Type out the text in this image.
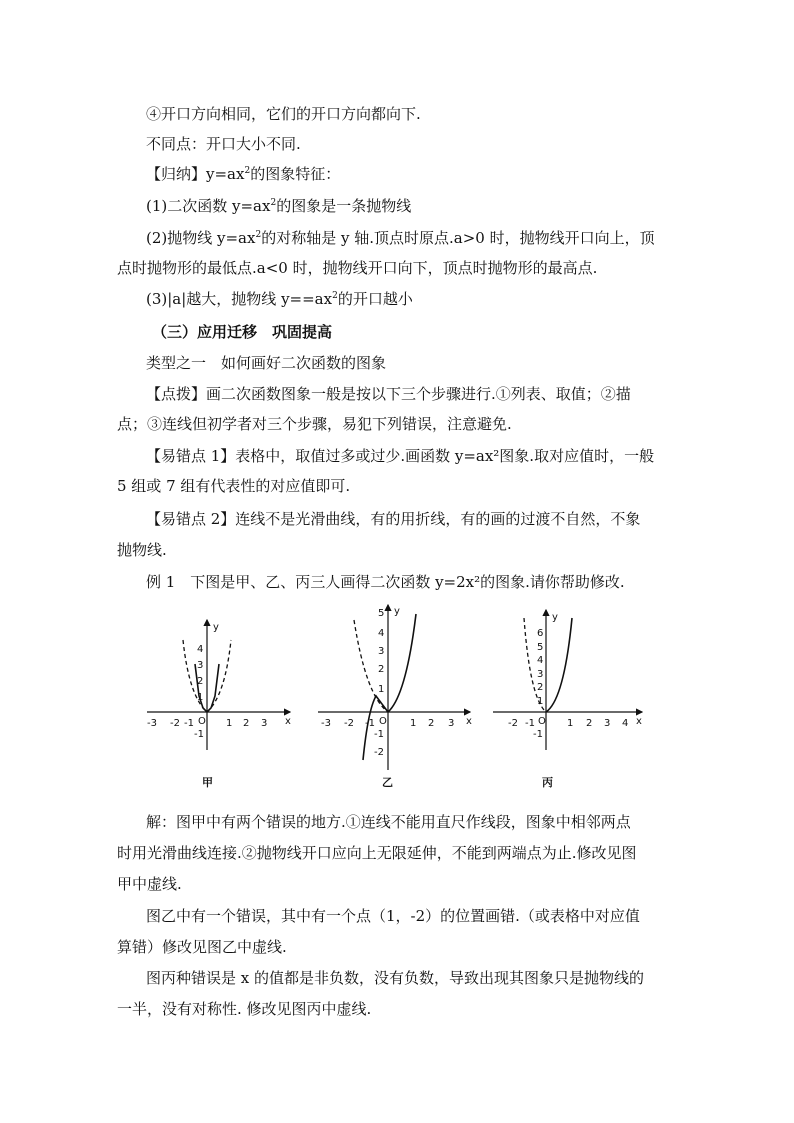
④开口方向相同，它们的开口方向都向下.
不同点：开口大小不同.
【归纳】$y=ax^2$的图象特征：
(1)二次函数 $y=ax^2$的图象是一条抛物线
(2)抛物线 $y=ax^2$的对称轴是 y 轴.顶点时原点.a>0 时，抛物线开口向上，顶
点时抛物形的最低点.a<0 时，抛物线开口向下，顶点时抛物形的最高点.
(3)|a|越大，抛物线 $y==ax^2$的开口越小
（三）应用迁移　巩固提高
类型之一　如何画好二次函数的图象
【点拨】画二次函数图象一般是按以下三个步骤进行.①列表、取值；②描
点；③连线但初学者对三个步骤，易犯下列错误，注意避免.
【易错点 1】表格中，取值过多或过少.画函数 y=ax²图象.取对应值时，一般
5 组或 7 组有代表性的对应值即可.
【易错点 2】连线不是光滑曲线，有的用折线，有的画的过渡不自然，不象
抛物线.
例 1　下图是甲、乙、丙三人画得二次函数 y=2x²的图象.请你帮助修改.
x
y
O
-3 -2 -1	1 2 3
4
3
2
1
-1
甲
x
y
O
-3 -2 -1	1 2 3
5
4
3
2
1
-1
-2
乙
x
y
O
-2 -1	1 2 3 4
6
5
4
3
2
1
-1
丙
解：图甲中有两个错误的地方.①连线不能用直尺作线段，图象中相邻两点
时用光滑曲线连接.②抛物线开口应向上无限延伸，不能到两端点为止.修改见图
甲中虚线.
图乙中有一个错误，其中有一个点（1，-2）的位置画错.（或表格中对应值
算错）修改见图乙中虚线.
图丙种错误是 x 的值都是非负数，没有负数，导致出现其图象只是抛物线的
一半，没有对称性. 修改见图丙中虚线.
